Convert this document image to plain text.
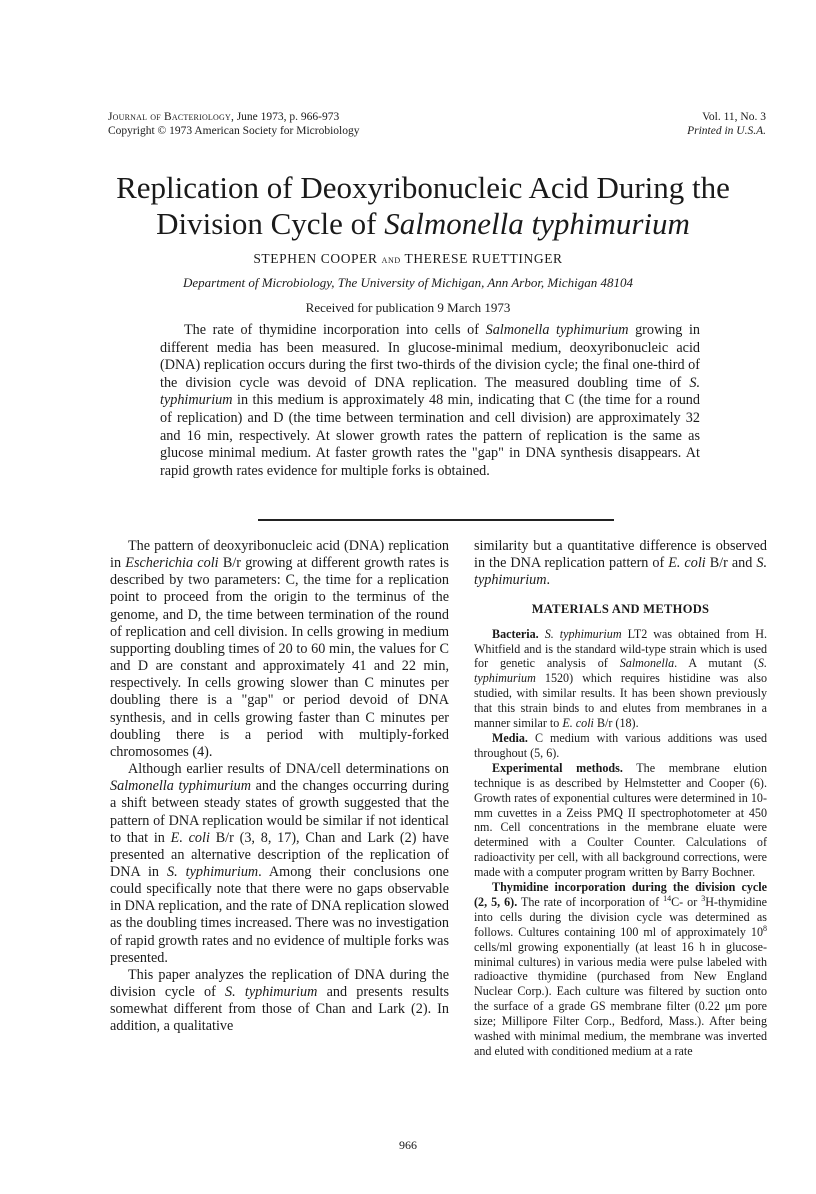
Journal of Bacteriology, June 1973, p. 966-973
Copyright © 1973 American Society for Microbiology
Vol. 11, No. 3
Printed in U.S.A.
Replication of Deoxyribonucleic Acid During the
Division Cycle of Salmonella typhimurium
STEPHEN COOPER and THERESE RUETTINGER
Department of Microbiology, The University of Michigan, Ann Arbor, Michigan 48104
Received for publication 9 March 1973

The rate of thymidine incorporation into cells of Salmonella typhimurium growing in different media has been measured. In glucose-minimal medium, deoxyribonucleic acid (DNA) replication occurs during the first two-thirds of the division cycle; the final one-third of the division cycle was devoid of DNA replication. The measured doubling time of S. typhimurium in this medium is approximately 48 min, indicating that C (the time for a round of replication) and D (the time between termination and cell division) are approximately 32 and 16 min, respectively. At slower growth rates the pattern of replication is the same as glucose minimal medium. At faster growth rates the "gap" in DNA synthesis disappears. At rapid growth rates evidence for multiple forks is obtained.

The pattern of deoxyribonucleic acid (DNA) replication in Escherichia coli B/r growing at different growth rates is described by two parameters: C, the time for a replication point to proceed from the origin to the terminus of the genome, and D, the time between termination of the round of replication and cell division. In cells growing in medium supporting doubling times of 20 to 60 min, the values for C and D are constant and approximately 41 and 22 min, respectively. In cells growing slower than C minutes per doubling there is a "gap" or period devoid of DNA synthesis, and in cells growing faster than C minutes per doubling there is a period with multiply-forked chromosomes (4).

Although earlier results of DNA/cell determinations on Salmonella typhimurium and the changes occurring during a shift between steady states of growth suggested that the pattern of DNA replication would be similar if not identical to that in E. coli B/r (3, 8, 17), Chan and Lark (2) have presented an alternative description of the replication of DNA in S. typhimurium. Among their conclusions one could specifically note that there were no gaps observable in DNA replication, and the rate of DNA replication slowed as the doubling times increased. There was no investigation of rapid growth rates and no evidence of multiple forks was presented.

This paper analyzes the replication of DNA during the division cycle of S. typhimurium and presents results somewhat different from those of Chan and Lark (2). In addition, a qualitative

similarity but a quantitative difference is observed in the DNA replication pattern of E. coli B/r and S. typhimurium.

MATERIALS AND METHODS

Bacteria. S. typhimurium LT2 was obtained from H. Whitfield and is the standard wild-type strain which is used for genetic analysis of Salmonella. A mutant (S. typhimurium 1520) which requires histidine was also studied, with similar results. It has been shown previously that this strain binds to and elutes from membranes in a manner similar to E. coli B/r (18).

Media. C medium with various additions was used throughout (5, 6).

Experimental methods. The membrane elution technique is as described by Helmstetter and Cooper (6). Growth rates of exponential cultures were determined in 10-mm cuvettes in a Zeiss PMQ II spectrophotometer at 450 nm. Cell concentrations in the membrane eluate were determined with a Coulter Counter. Calculations of radioactivity per cell, with all background corrections, were made with a computer program written by Barry Bochner.

Thymidine incorporation during the division cycle (2, 5, 6). The rate of incorporation of $^{14}$C- or $^3$H-thymidine into cells during the division cycle was determined as follows. Cultures containing 100 ml of approximately $10^8$ cells/ml growing exponentially (at least 16 h in glucose-minimal cultures) in various media were pulse labeled with radioactive thymidine (purchased from New England Nuclear Corp.). Each culture was filtered by suction onto the surface of a grade GS membrane filter (0.22 μm pore size; Millipore Filter Corp., Bedford, Mass.). After being washed with minimal medium, the membrane was inverted and eluted with conditioned medium at a rate

966
